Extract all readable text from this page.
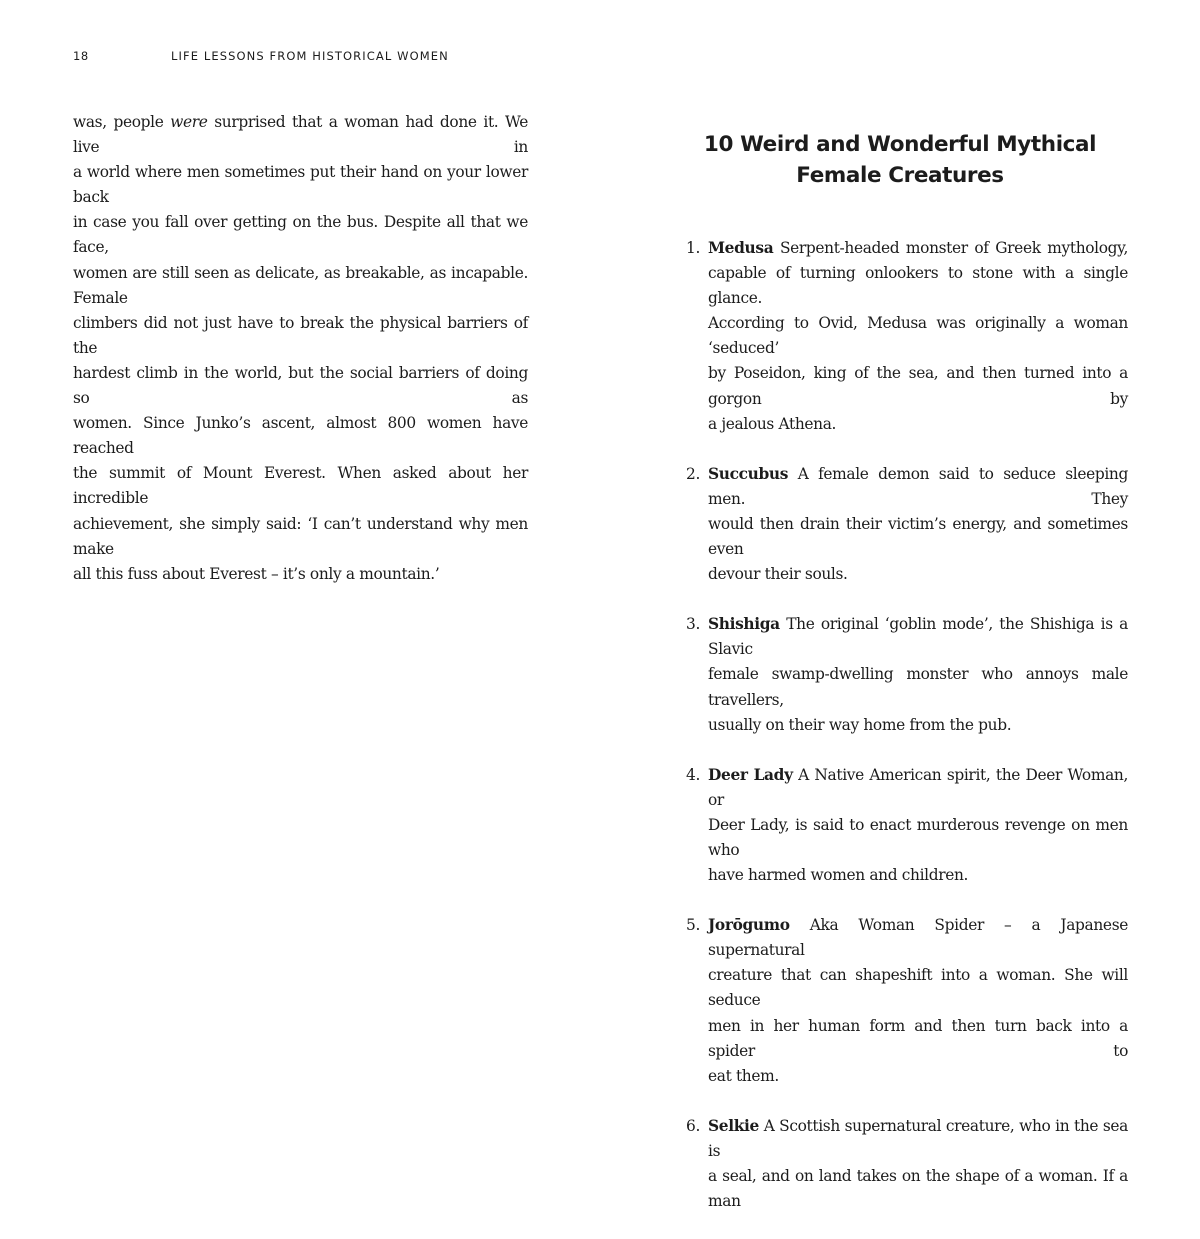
18	LIFE LESSONS FROM HISTORICAL WOMEN
was, people were surprised that a woman had done it. We live in
a world where men sometimes put their hand on your lower back
in case you fall over getting on the bus. Despite all that we face,
women are still seen as delicate, as breakable, as incapable. Female
climbers did not just have to break the physical barriers of the
hardest climb in the world, but the social barriers of doing so as
women. Since Junko’s ascent, almost 800 women have reached
the summit of Mount Everest. When asked about her incredible
achievement, she simply said: ‘I can’t understand why men make
all this fuss about Everest – it’s only a mountain.’
10 Weird and Wonderful Mythical
Female Creatures
1. Medusa Serpent-headed monster of Greek mythology,
capable of turning onlookers to stone with a single glance.
According to Ovid, Medusa was originally a woman ‘seduced’
by Poseidon, king of the sea, and then turned into a gorgon by
a jealous Athena.
2. Succubus A female demon said to seduce sleeping men. They
would then drain their victim’s energy, and sometimes even
devour their souls.
3. Shishiga The original ‘goblin mode’, the Shishiga is a Slavic
female swamp-dwelling monster who annoys male travellers,
usually on their way home from the pub.
4. Deer Lady A Native American spirit, the Deer Woman, or
Deer Lady, is said to enact murderous revenge on men who
have harmed women and children.
5. Jorōgumo Aka Woman Spider – a Japanese supernatural
creature that can shapeshift into a woman. She will seduce
men in her human form and then turn back into a spider to
eat them.
6. Selkie A Scottish supernatural creature, who in the sea is
a seal, and on land takes on the shape of a woman. If a man
